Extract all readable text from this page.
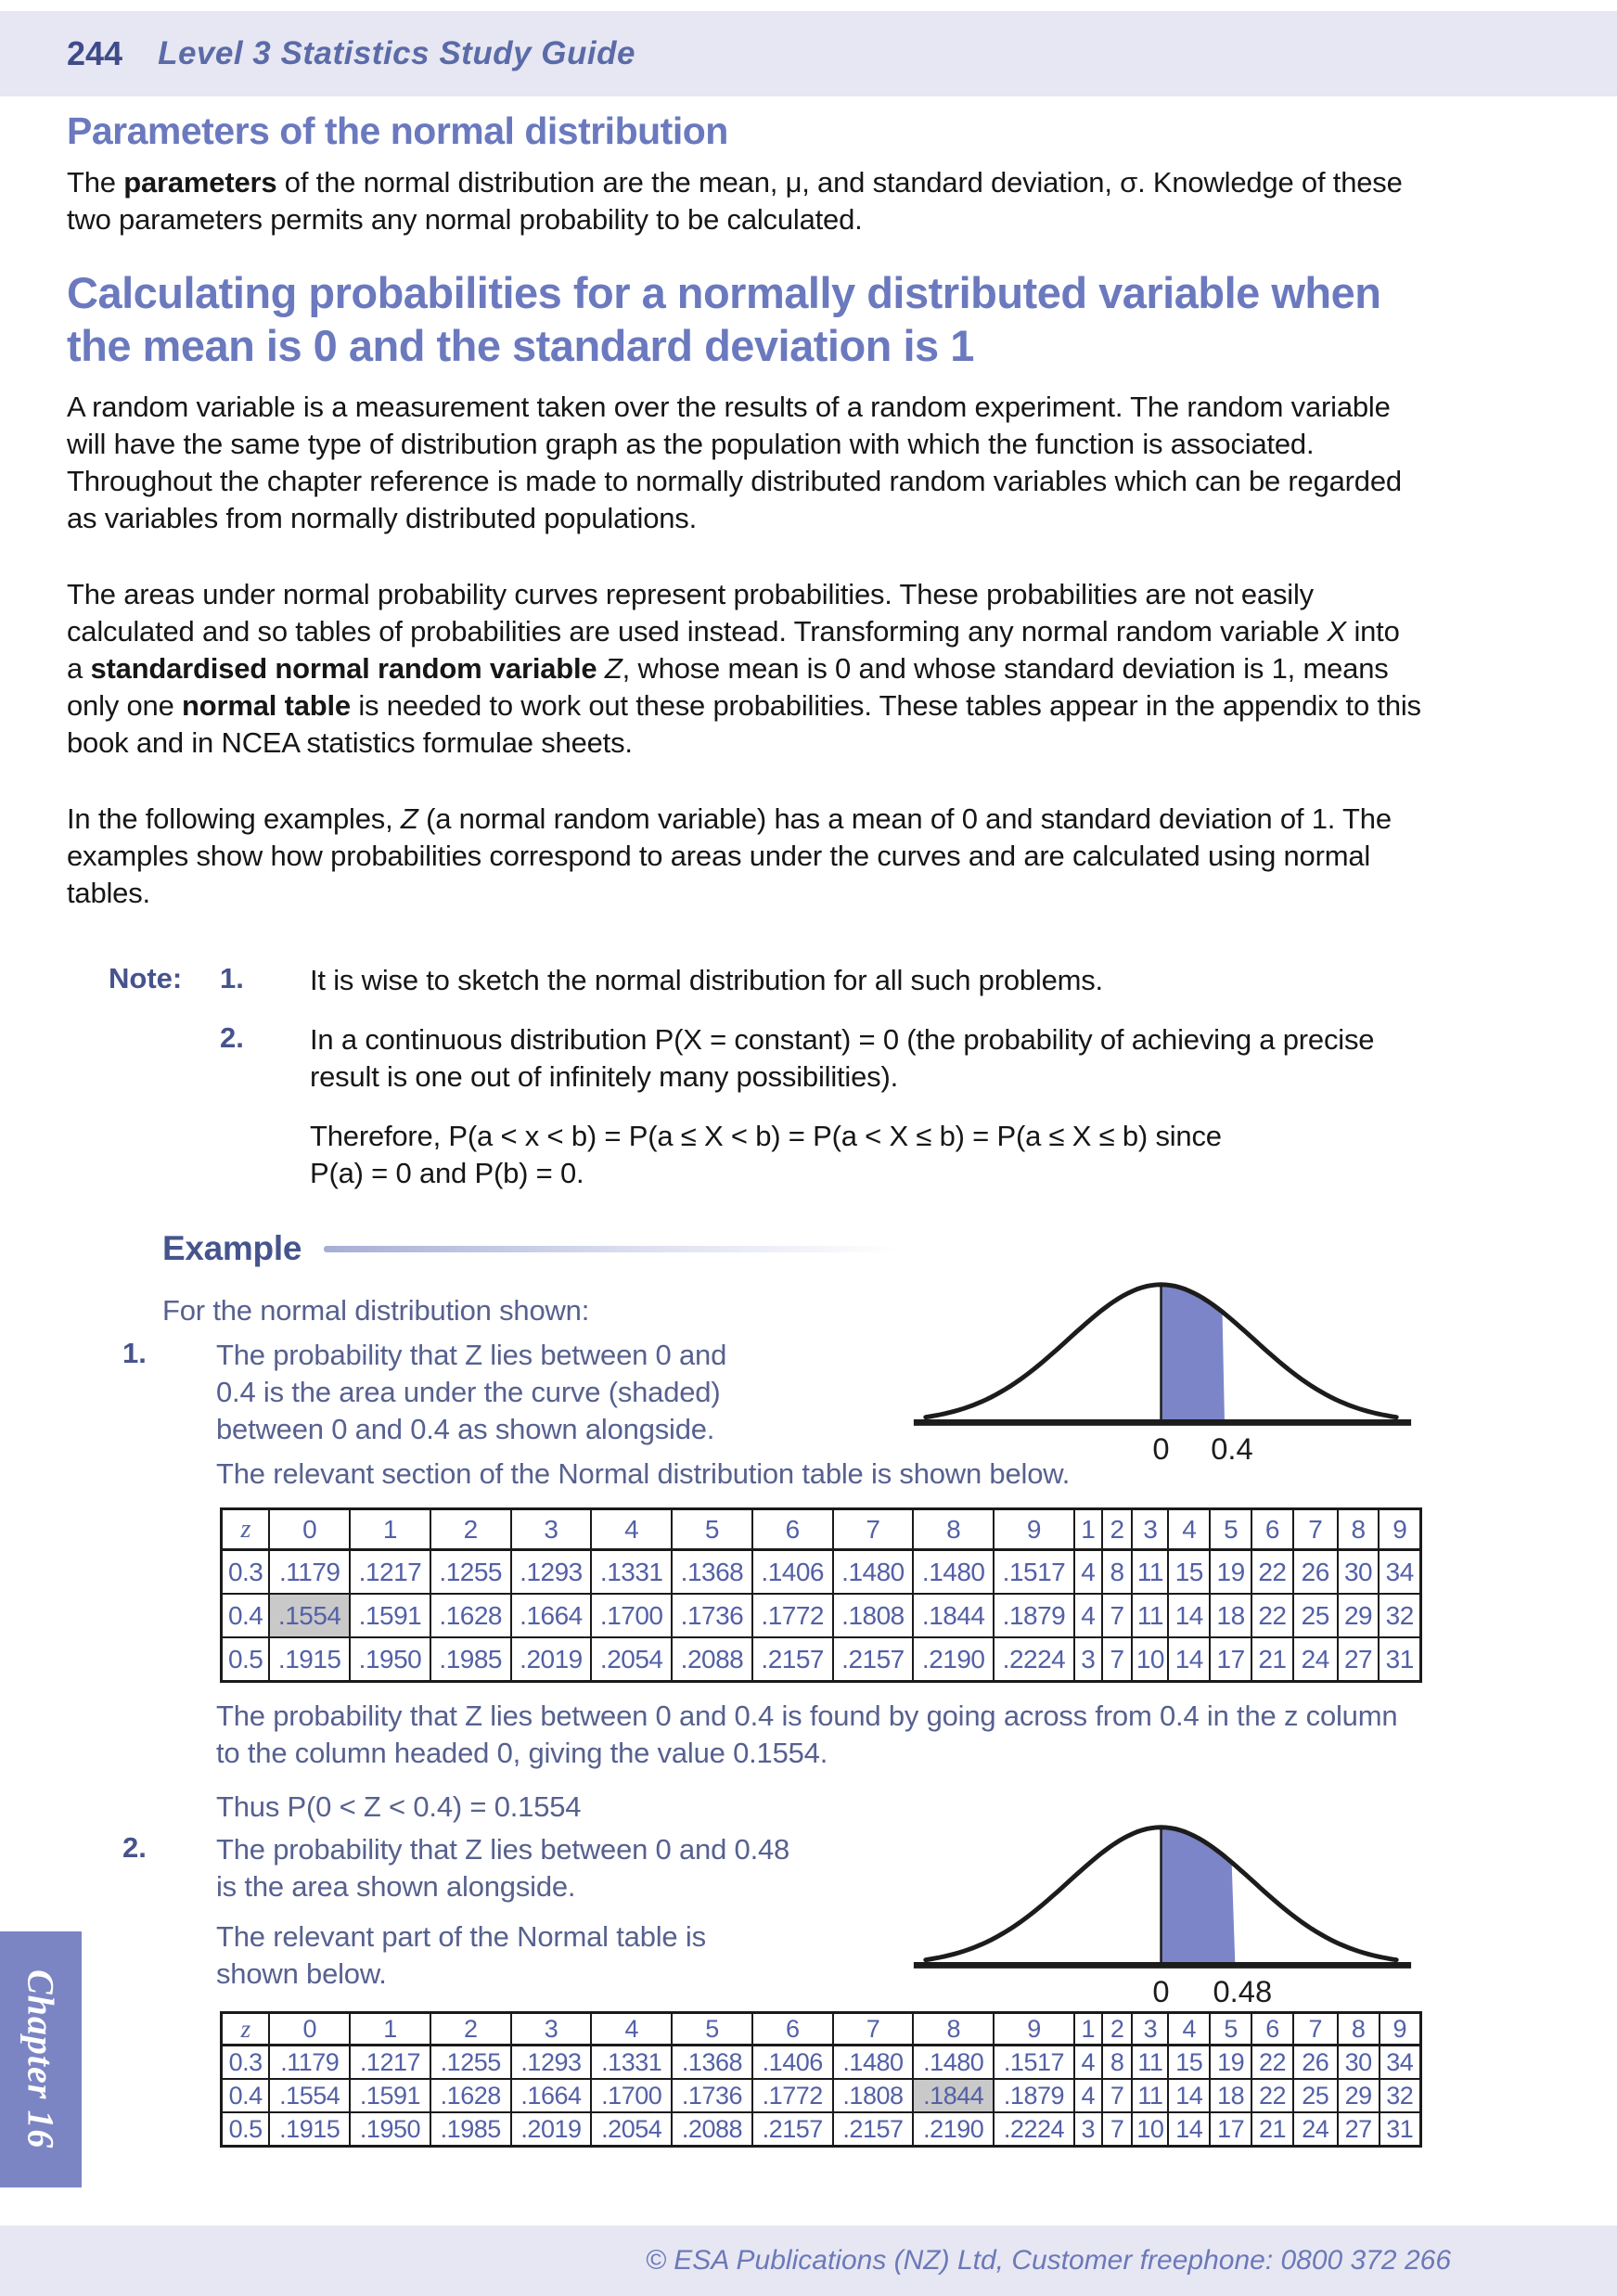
244 Level 3 Statistics Study Guide
Parameters of the normal distribution

The parameters of the normal distribution are the mean, μ, and standard deviation, σ. Knowledge of these two parameters permits any normal probability to be calculated.

Calculating probabilities for a normally distributed variable when the mean is 0 and the standard deviation is 1

A random variable is a measurement taken over the results of a random experiment. The random variable will have the same type of distribution graph as the population with which the function is associated. Throughout the chapter reference is made to normally distributed random variables which can be regarded as variables from normally distributed populations.

The areas under normal probability curves represent probabilities. These probabilities are not easily calculated and so tables of probabilities are used instead. Transforming any normal random variable X into a standardised normal random variable Z, whose mean is 0 and whose standard deviation is 1, means only one normal table is needed to work out these probabilities. These tables appear in the appendix to this book and in NCEA statistics formulae sheets.

In the following examples, Z (a normal random variable) has a mean of 0 and standard deviation of 1. The examples show how probabilities correspond to areas under the curves and are calculated using normal tables.

Note:	1.	It is wise to sketch the normal distribution for all such problems.
2.	In a continuous distribution P(X = constant) = 0 (the probability of achieving a precise result is one out of infinitely many possibilities).
Therefore, P(a < x < b) = P(a ≤ X < b) = P(a < X ≤ b) = P(a ≤ X ≤ b) since
P(a) = 0 and P(b) = 0.
Example

For the normal distribution shown:

1.	The probability that Z lies between 0 and 0.4 is the area under the curve (shaded) between 0 and 0.4 as shown alongside.

The relevant section of the Normal distribution table is shown below.

0 0.4
z	0	1	2	3	4	5	6	7	8	9	1	2	3	4	5	6	7	8	9
0.3	.1179	.1217	.1255	.1293	.1331	.1368	.1406	.1480	.1480	.1517	4	8	11	15	19	22	26	30	34
0.4	.1554	.1591	.1628	.1664	.1700	.1736	.1772	.1808	.1844	.1879	4	7	11	14	18	22	25	29	32
0.5	.1915	.1950	.1985	.2019	.2054	.2088	.2157	.2157	.2190	.2224	3	7	10	14	17	21	24	27	31

The probability that Z lies between 0 and 0.4 is found by going across from 0.4 in the z column to the column headed 0, giving the value 0.1554.

Thus P(0 < Z < 0.4) = 0.1554

2.	The probability that Z lies between 0 and 0.48 is the area shown alongside.
The relevant part of the Normal table is shown below.
0 0.48
z	0	1	2	3	4	5	6	7	8	9	1	2	3	4	5	6	7	8	9
0.3	.1179	.1217	.1255	.1293	.1331	.1368	.1406	.1480	.1480	.1517	4	8	11	15	19	22	26	30	34
0.4	.1554	.1591	.1628	.1664	.1700	.1736	.1772	.1808	.1844	.1879	4	7	11	14	18	22	25	29	32
0.5	.1915	.1950	.1985	.2019	.2054	.2088	.2157	.2157	.2190	.2224	3	7	10	14	17	21	24	27	31
Chapter 16
© ESA Publications (NZ) Ltd, Customer freephone: 0800 372 266
